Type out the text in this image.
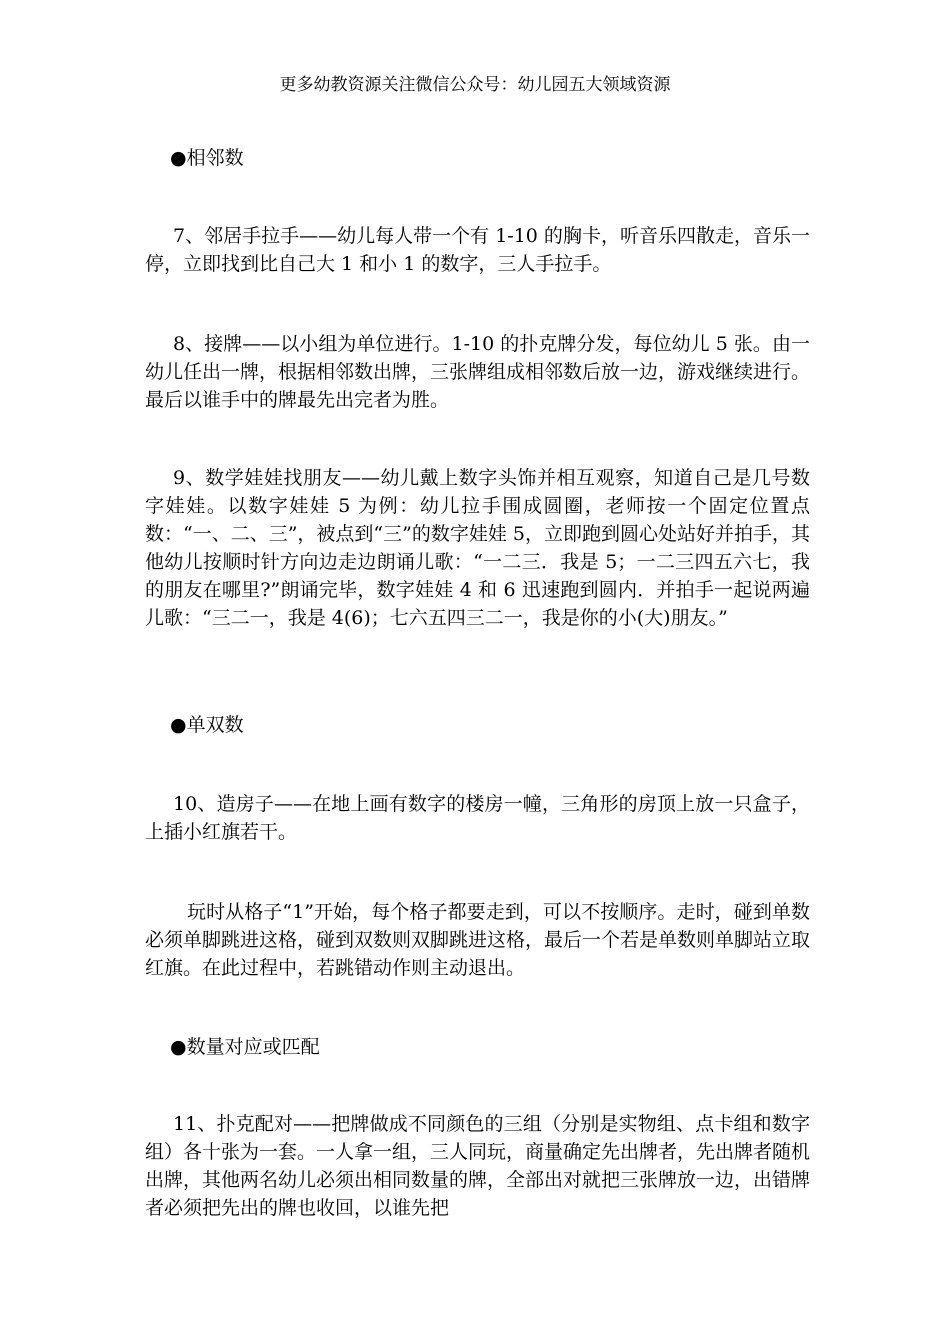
更多幼教资源关注微信公众号：幼儿园五大领域资源
●相邻数
7、邻居手拉手——幼儿每人带一个有 1-10 的胸卡，听音乐四散走，音乐一停，立即找到比自己大 1 和小 1 的数字，三人手拉手。
8、接牌——以小组为单位进行。1-10 的扑克牌分发，每位幼儿 5 张。由一幼儿任出一牌，根据相邻数出牌，三张牌组成相邻数后放一边，游戏继续进行。最后以谁手中的牌最先出完者为胜。
9、数学娃娃找朋友——幼儿戴上数字头饰并相互观察，知道自己是几号数字娃娃。以数字娃娃 5 为例：幼儿拉手围成圆圈，老师按一个固定位置点数：“一、二、三”，被点到“三”的数字娃娃 5，立即跑到圆心处站好并拍手，其他幼儿按顺时针方向边走边朗诵儿歌：“一二三．我是 5；一二三四五六七，我的朋友在哪里?”朗诵完毕，数字娃娃 4 和 6 迅速跑到圆内．并拍手一起说两遍儿歌：“三二一，我是 4(6)；七六五四三二一，我是你的小(大)朋友。”
●单双数
10、造房子——在地上画有数字的楼房一幢，三角形的房顶上放一只盒子，上插小红旗若干。
玩时从格子“1”开始，每个格子都要走到，可以不按顺序。走时，碰到单数必须单脚跳进这格，碰到双数则双脚跳进这格，最后一个若是单数则单脚站立取红旗。在此过程中，若跳错动作则主动退出。
●数量对应或匹配
11、扑克配对——把牌做成不同颜色的三组（分别是实物组、点卡组和数字组）各十张为一套。一人拿一组，三人同玩，商量确定先出牌者，先出牌者随机出牌，其他两名幼儿必须出相同数量的牌，全部出对就把三张牌放一边，出错牌者必须把先出的牌也收回，以谁先把
